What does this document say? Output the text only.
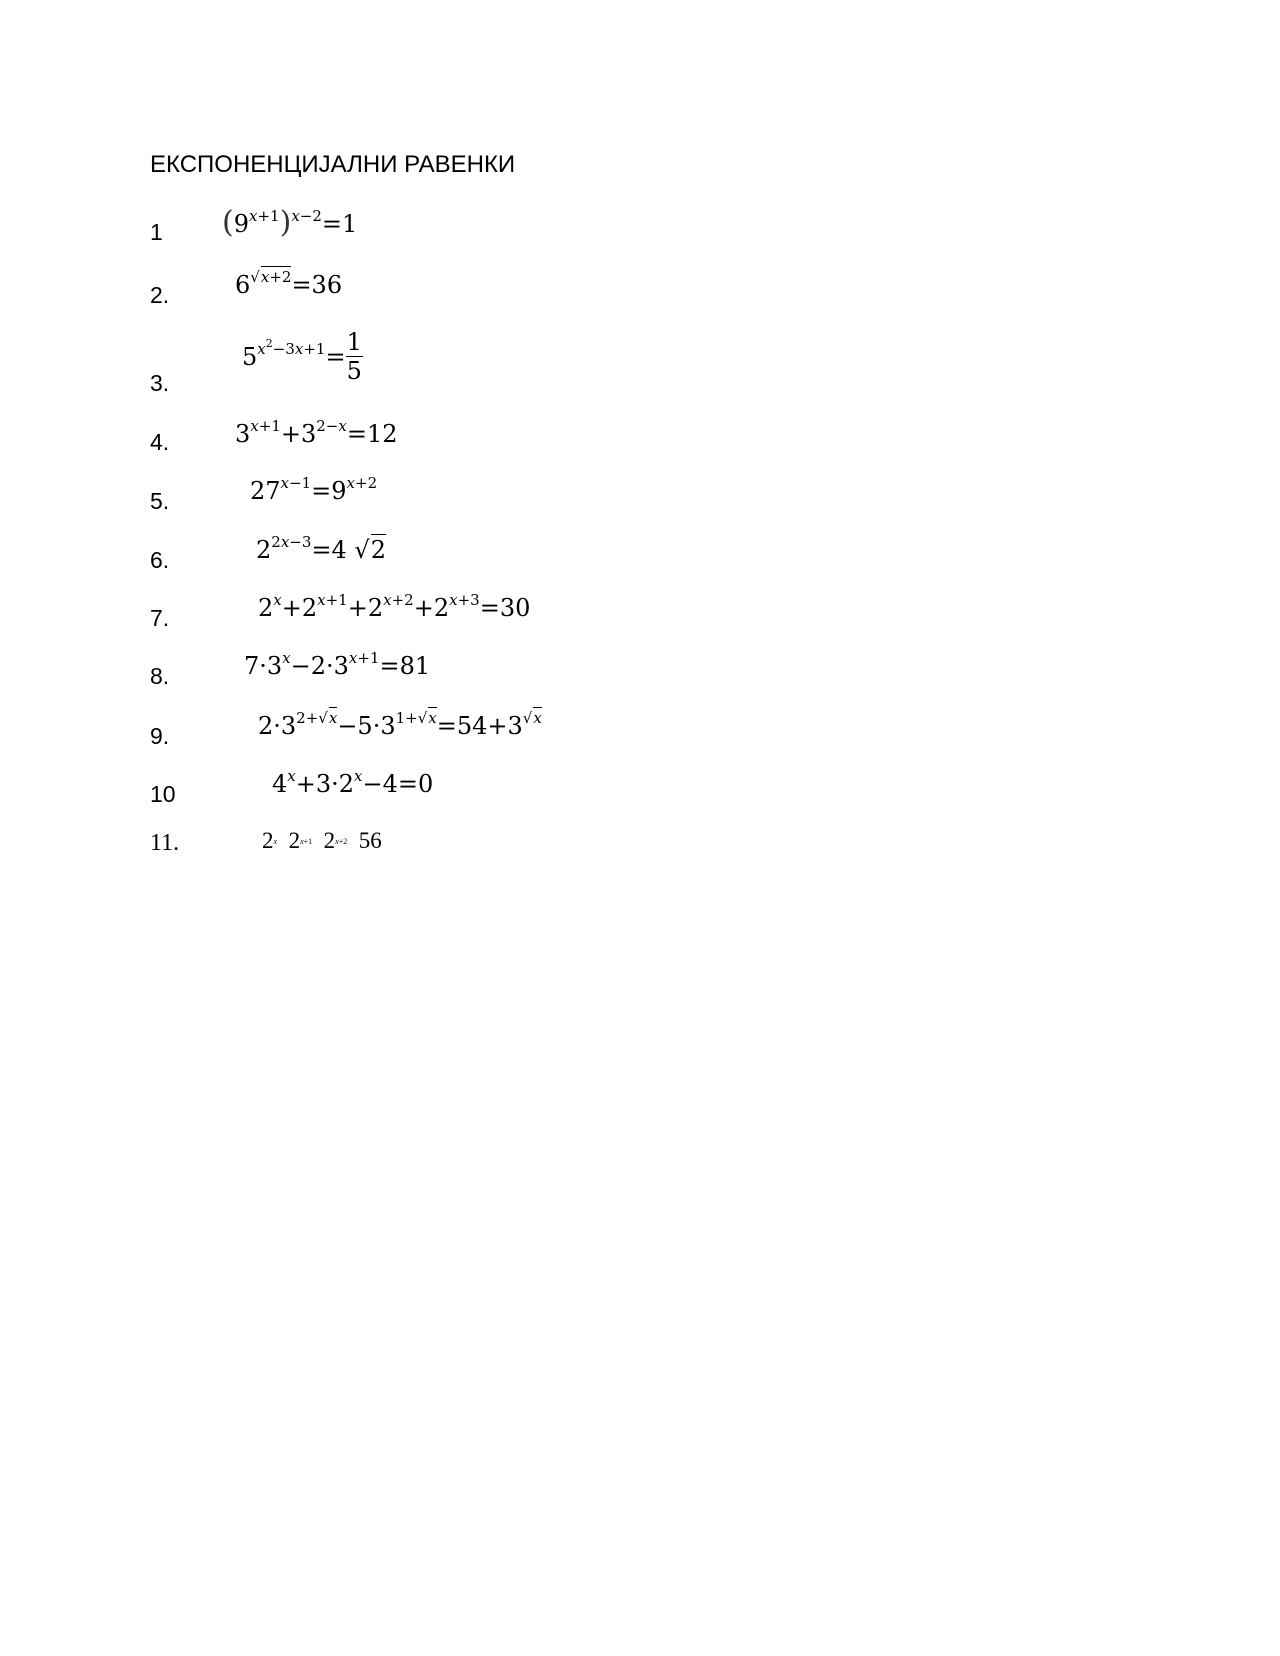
ЕКСПОНЕНЦИЈАЛНИ РАВЕНКИ
1 $(9^{x+1})^{x-2}=1$
2.	$6^{√x+2}=36$
3.
$5^{x^2-3x+1}= \frac{1}{5}$
4.	$3^{x+1}+3^{2-x}=12$
5.	$27^{x-1}=9^{x+2}$
6.	$2^{2x-3}=4$ √2
7.	$2^x+2^{x+1}+2^{x+2}+2^{x+3}=30$
8.	$7\cdot 3^x-2\cdot 3^{x+1}=81$
9.	$2\cdot 3^{2+√x}-5\cdot 3^{1+√x}=54+3^{√x}$
10	$4^x+3\cdot 2^x-4=0$
11.	2$^x$  $2^{x+1}$  $2^{x+2}$  56
